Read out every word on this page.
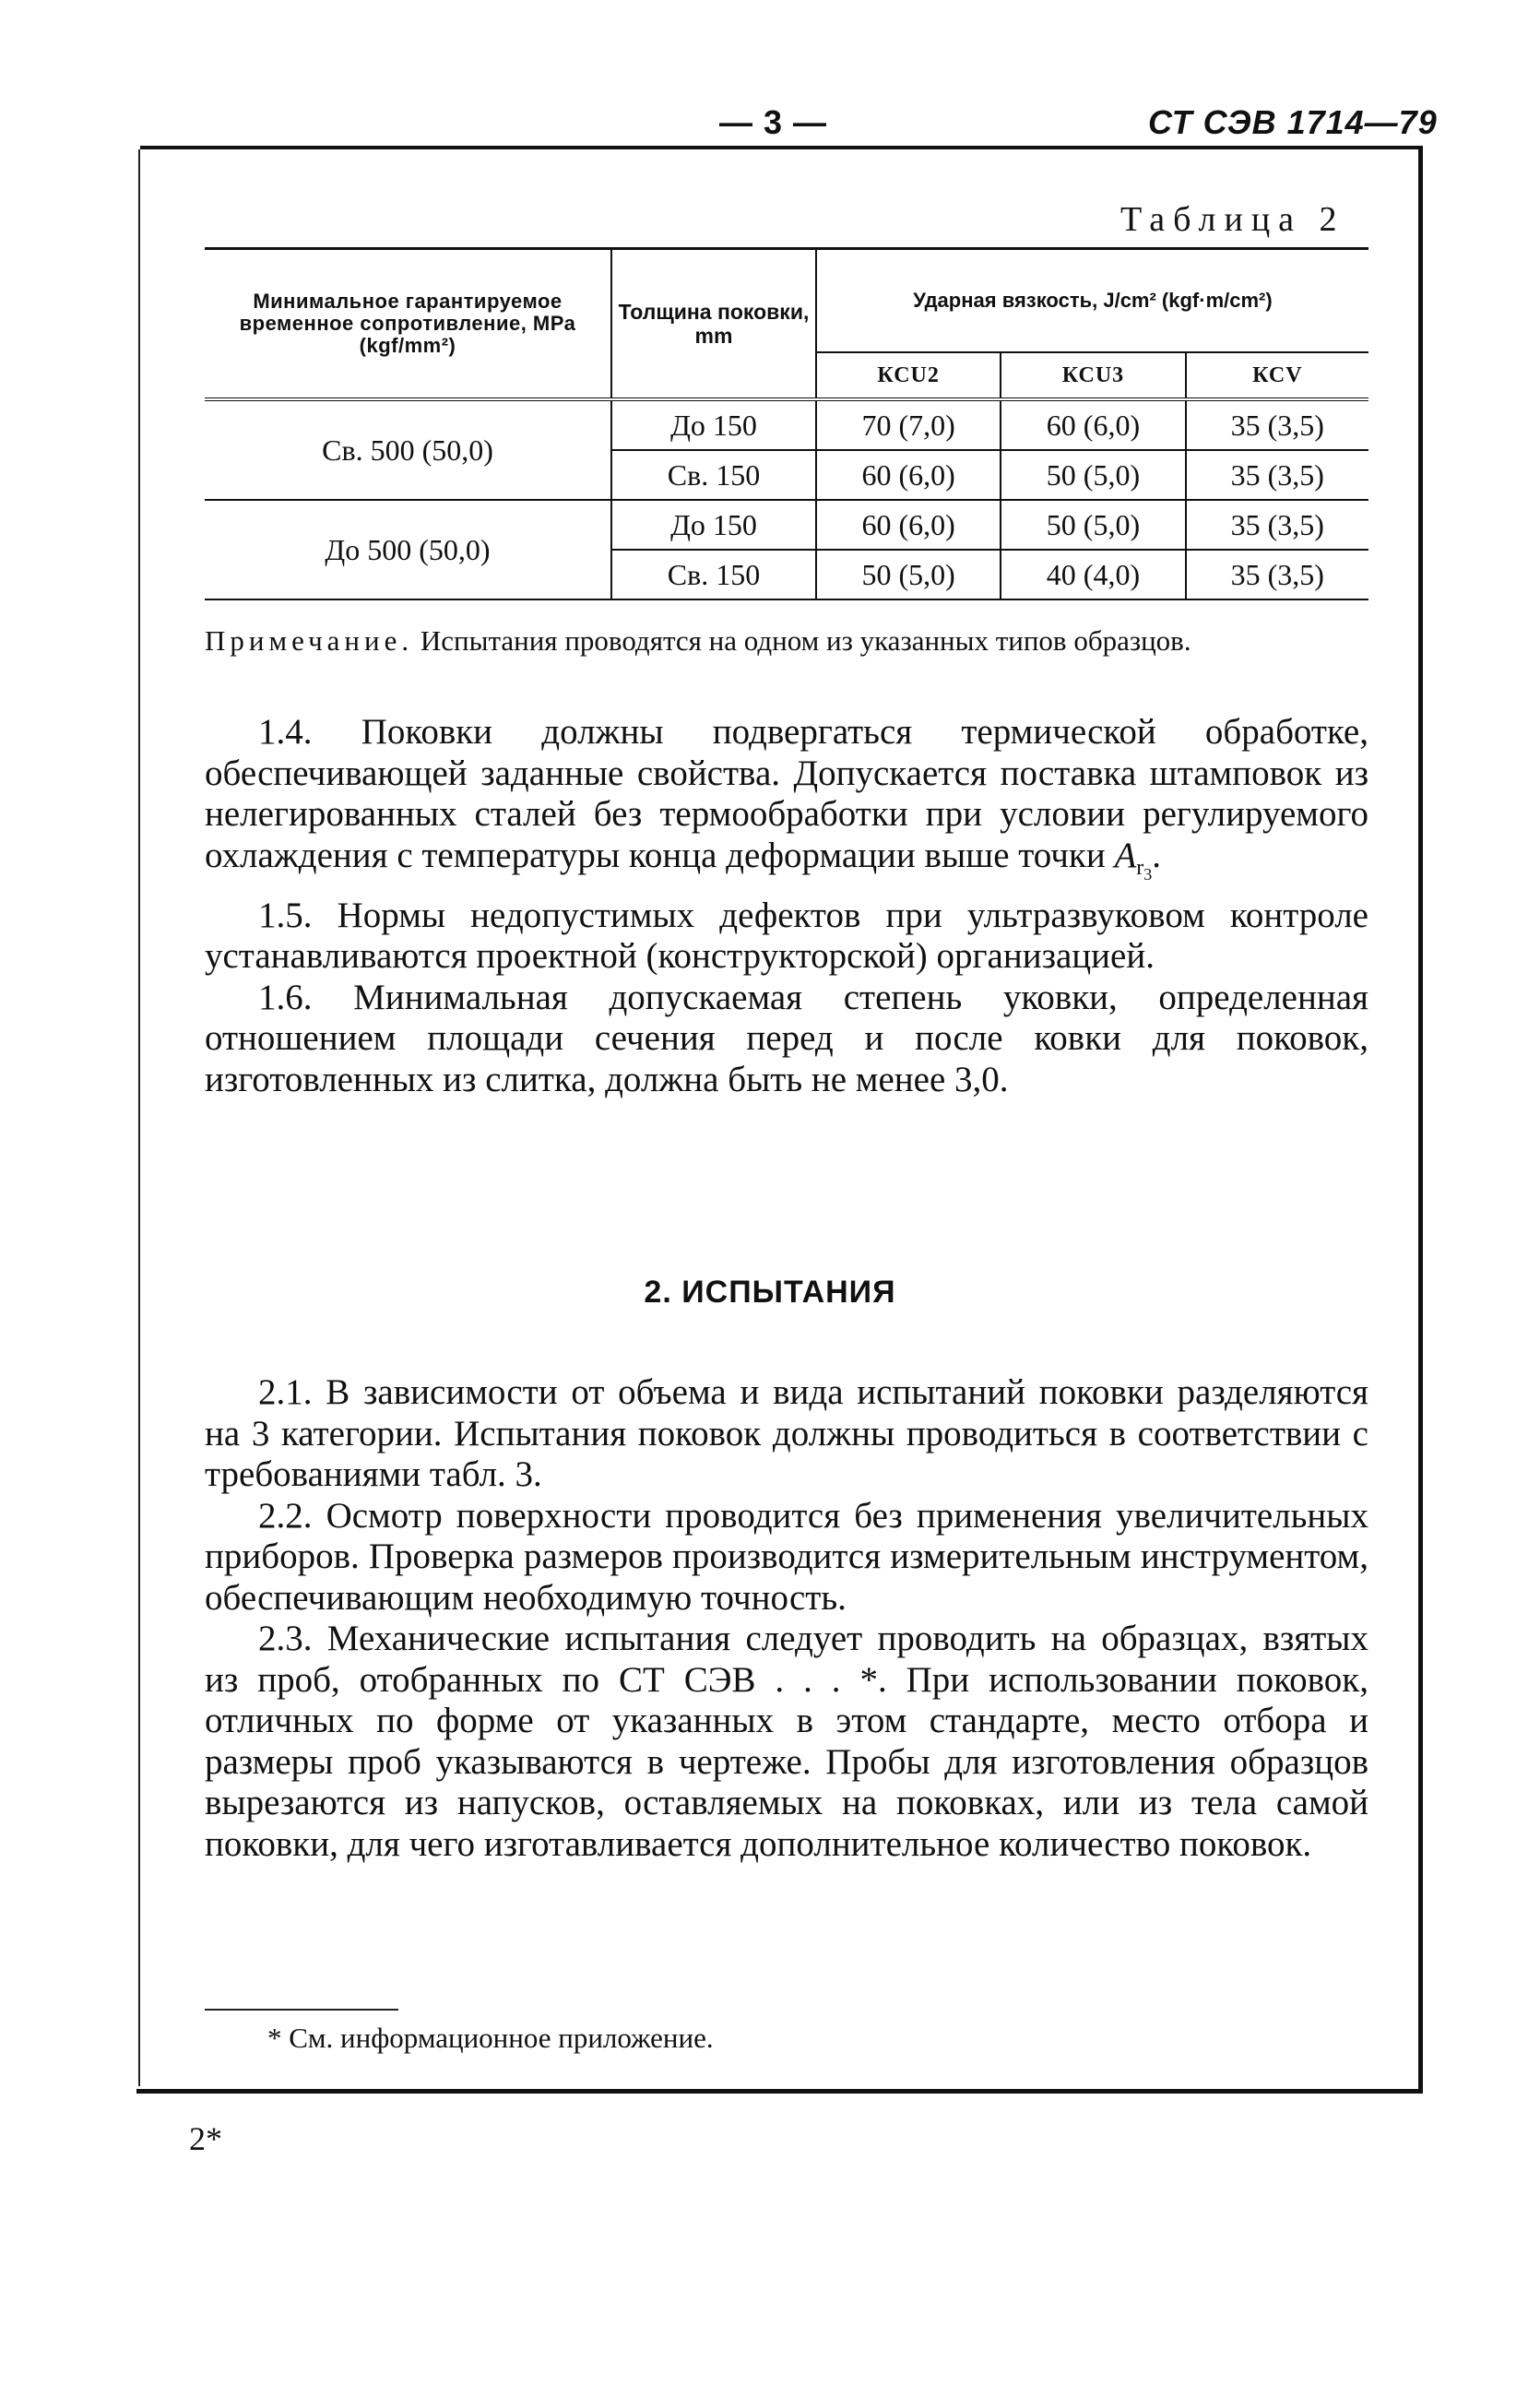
— 3 —	СТ СЭВ 1714—79
Таблица 2
Минимальное гарантируемое временное сопротивление, МРа (kgf/mm²)	Толщина поковки, mm	Ударная вязкость, J/cm² (kgf·m/cm²)		
		КСU2	КСU3	КСV
Св. 500 (50,0)	До 150	70 (7,0)	60 (6,0)	35 (3,5)
	Св. 150	60 (6,0)	50 (5,0)	35 (3,5)
До 500 (50,0)	До 150	60 (6,0)	50 (5,0)	35 (3,5)
	Св. 150	50 (5,0)	40 (4,0)	35 (3,5)
Примечание. Испытания проводятся на одном из указанных типов образцов.

1.4. Поковки должны подвергаться термической обработке, обеспечивающей заданные свойства. Допускается поставка штамповок из нелегированных сталей без термообработки при условии регулируемого охлаждения с температуры конца деформации выше точки $A_{r_3}$.

1.5. Нормы недопустимых дефектов при ультразвуковом контроле устанавливаются проектной (конструкторской) организацией.

1.6. Минимальная допускаемая степень уковки, определенная отношением площади сечения перед и после ковки для поковок, изготовленных из слитка, должна быть не менее 3,0.

2. ИСПЫТАНИЯ

2.1. В зависимости от объема и вида испытаний поковки разделяются на 3 категории. Испытания поковок должны проводиться в соответствии с требованиями табл. 3.

2.2. Осмотр поверхности проводится без применения увеличительных приборов. Проверка размеров производится измерительным инструментом, обеспечивающим необходимую точность.

2.3. Механические испытания следует проводить на образцах, взятых из проб, отобранных по СТ СЭВ . . . *. При использовании поковок, отличных по форме от указанных в этом стандарте, место отбора и размеры проб указываются в чертеже. Пробы для изготовления образцов вырезаются из напусков, оставляемых на поковках, или из тела самой поковки, для чего изготавливается дополнительное количество поковок.

* См. информационное приложение.
2*
